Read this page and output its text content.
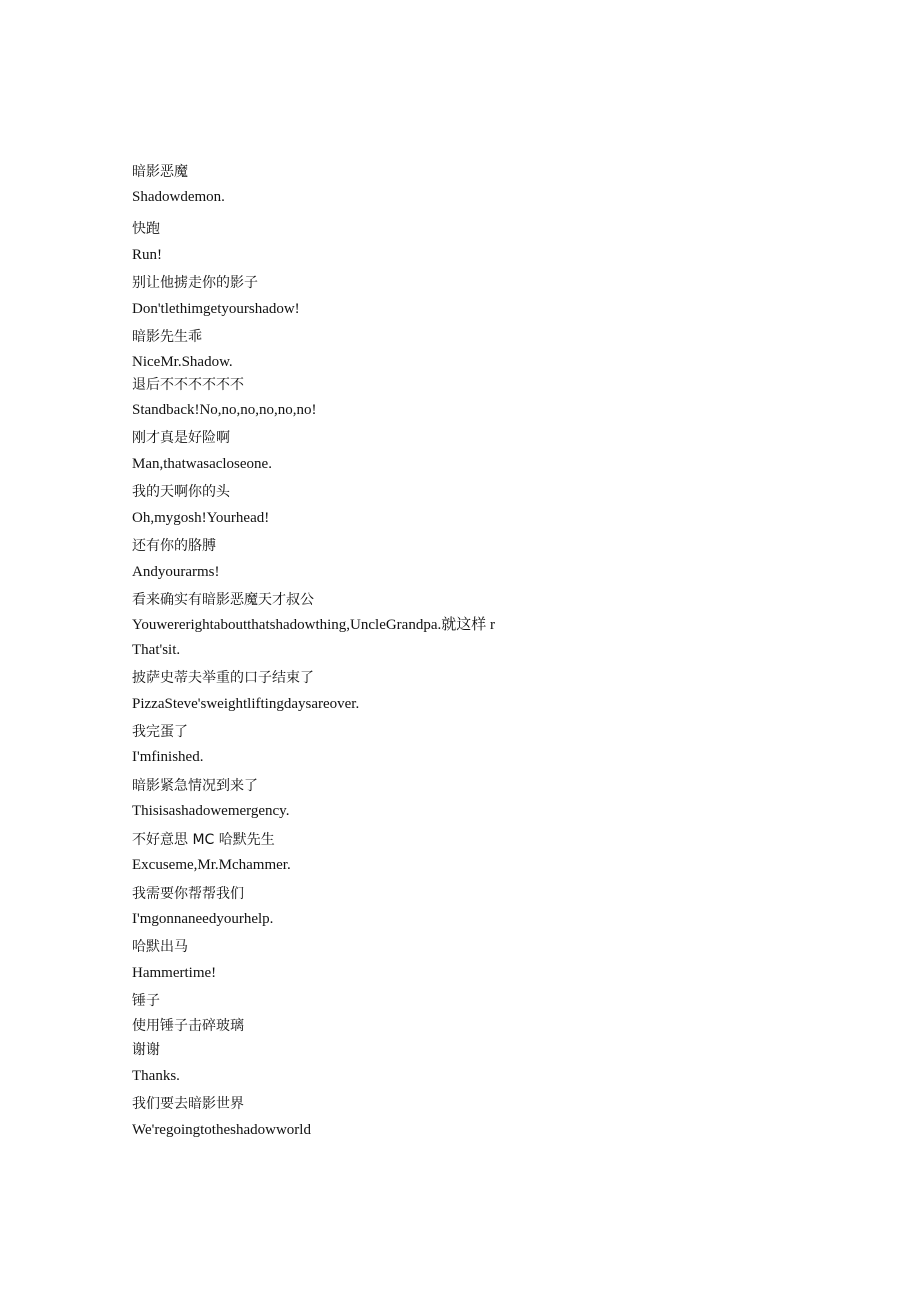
暗影恶魔
Shadowdemon.
快跑
Run!
别让他掳走你的影子
Don'tlethimgetyourshadow!
暗影先生乖
NiceMr.Shadow.
退后不不不不不不
Standback!No,no,no,no,no,no!
刚才真是好险啊
Man,thatwasacloseone.
我的天啊你的头
Oh,mygosh!Yourhead!
还有你的胳膊
Andyourarms!
看来确实有暗影恶魔天才叔公
Youwererightaboutthatshadowthing,UncleGrandpa.就这样 r
That'sit.
披萨史蒂夫举重的口子结束了
PizzaSteve'sweightliftingdaysareover.
我完蛋了
I'mfinished.
暗影紧急情况到来了
Thisisashadowemergency.
不好意思 MC 哈默先生
Excuseme,Mr.Mchammer.
我需要你帮帮我们
I'mgonnaneedyourhelp.
哈默出马
Hammertime!
锤子
使用锤子击碎玻璃
谢谢
Thanks.
我们要去暗影世界
We'regoingtotheshadowworld
